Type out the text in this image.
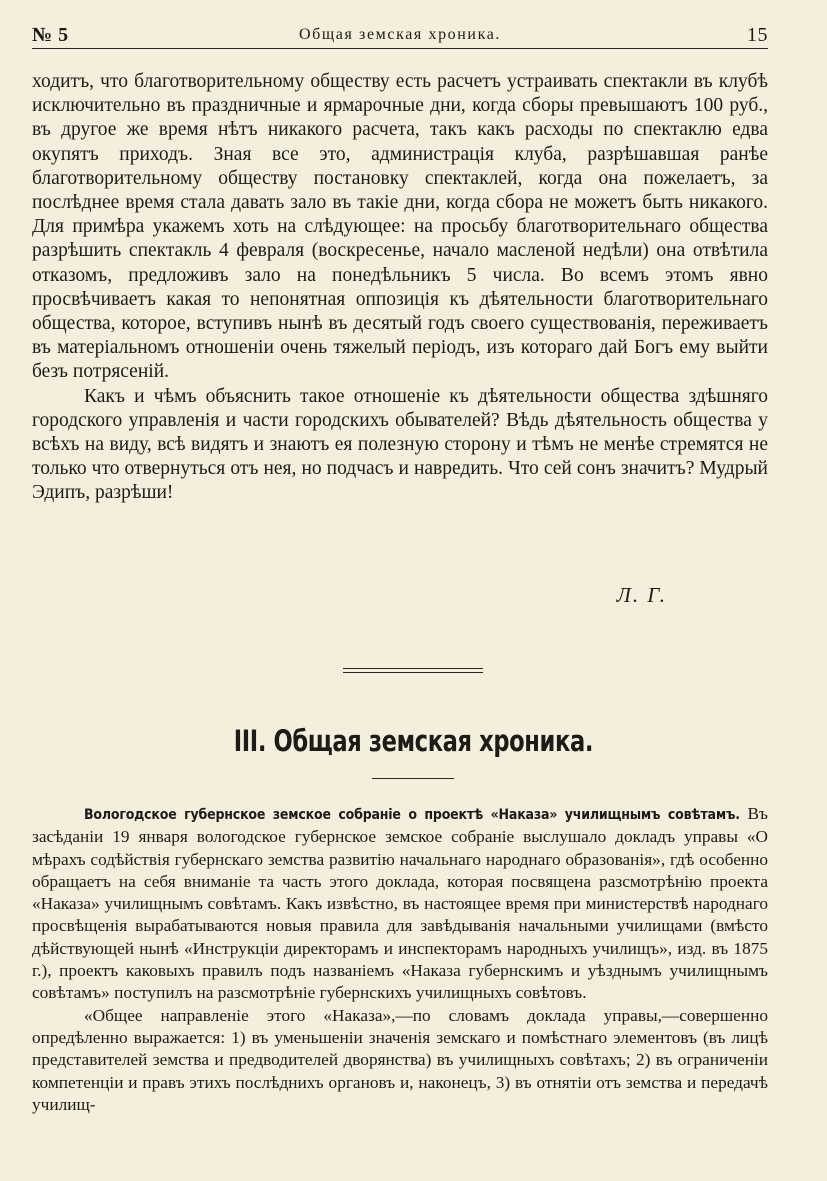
№ 5	Общая земская хроника.	15

ходитъ, что благотворительному обществу есть расчетъ устраивать спектакли въ клубѣ исключительно въ праздничные и ярмарочные дни, когда сборы превышаютъ 100 руб., въ другое же время нѣтъ никакого расчета, такъ какъ расходы по спектаклю едва окупятъ приходъ. Зная все это, администрація клуба, разрѣшавшая ранѣе благотворительному обществу постановку спектаклей, когда она пожелаетъ, за послѣднее время стала давать зало въ такіе дни, когда сбора не можетъ быть никакого. Для примѣра укажемъ хоть на слѣдующее: на просьбу благотворительнаго общества разрѣшить спектакль 4 февраля (воскресенье, начало масленой недѣли) она отвѣтила отказомъ, предложивъ зало на понедѣльникъ 5 числа. Во всемъ этомъ явно просвѣчиваетъ какая то непонятная оппозиція къ дѣятельности благотворительнаго общества, которое, вступивъ нынѣ въ десятый годъ своего существованія, переживаетъ въ матеріальномъ отношеніи очень тяжелый періодъ, изъ котораго дай Богъ ему выйти безъ потрясеній.

Какъ и чѣмъ объяснить такое отношеніе къ дѣятельности общества здѣшняго городского управленія и части городскихъ обывателей? Вѣдь дѣятельность общества у всѣхъ на виду, всѣ видятъ и знаютъ ея полезную сторону и тѣмъ не менѣе стремятся не только что отвернуться отъ нея, но подчасъ и навредить. Что сей сонъ значитъ? Мудрый Эдипъ, разрѣши!

Л. Г.
III. Общая земская хроника.

Вологодское губернское земское собраніе о проектѣ «Наказа» училищнымъ совѣтамъ. Въ засѣданіи 19 января вологодское губернское земское собраніе выслушало докладъ управы «О мѣрахъ содѣйствія губернскаго земства развитію начальнаго народнаго образованія», гдѣ особенно обращаетъ на себя вниманіе та часть этого доклада, которая посвящена разсмотрѣнію проекта «Наказа» училищнымъ совѣтамъ. Какъ извѣстно, въ настоящее время при министерствѣ народнаго просвѣщенія вырабатываются новыя правила для завѣдыванія начальными училищами (вмѣсто дѣйствующей нынѣ «Инструкціи директорамъ и инспекторамъ народныхъ училищъ», изд. въ 1875 г.), проектъ каковыхъ правилъ подъ названіемъ «Наказа губернскимъ и уѣзднымъ училищнымъ совѣтамъ» поступилъ на разсмотрѣніе губернскихъ училищныхъ совѣтовъ.

«Общее направленіе этого «Наказа»,—по словамъ доклада управы,—совершенно опредѣленно выражается: 1) въ уменьшеніи значенія земскаго и помѣстнаго элементовъ (въ лицѣ представителей земства и предводителей дворянства) въ училищныхъ совѣтахъ; 2) въ ограниченіи компетенціи и правъ этихъ послѣднихъ органовъ и, наконецъ, 3) въ отнятіи отъ земства и передачѣ училищ-
